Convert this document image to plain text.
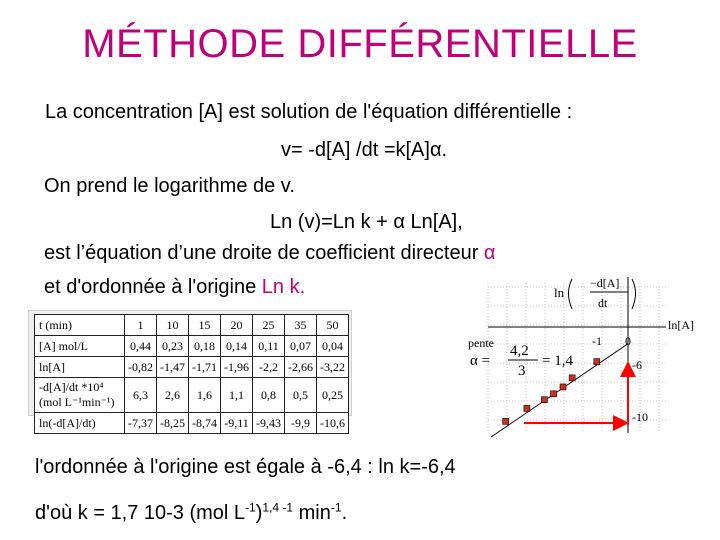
MÉTHODE DIFFÉRENTIELLE
La concentration [A] est solution de l'équation différentielle :
v= -d[A] /dt =k[A]α.
On prend le logarithme de v.
Ln (v)=Ln k + α Ln[A],
est l’équation d’une droite de coefficient directeur α
et d'ordonnée à l'origine Ln k.
t (min)	1	10	15	20	25	35	50
[A] mol/L	0,44	0,23	0,18	0,14	0,11	0,07	0,04
ln[A]	-0,82	-1,47	-1,71	-1,96	-2,2	-2,66	-3,22
-d[A]/dt *10⁴ (mol L⁻¹min⁻¹)	6,3	2,6	1,6	1,1	0,8	0,5	0,25
ln(-d[A]/dt)	-7,37	-8,25	-8,74	-9,11	-9,43	-9,9	-10,6
ln
−d[A]
dt
ln[A]
-1 0
-6
-10
pente
α =
4,2
3
= 1,4
l'ordonnée à l'origine est égale à -6,4 : ln k=-6,4
d'où k = 1,7 10-3 (mol $L^{-1})^{1,4 -1}$ $\min^{-1}$.
